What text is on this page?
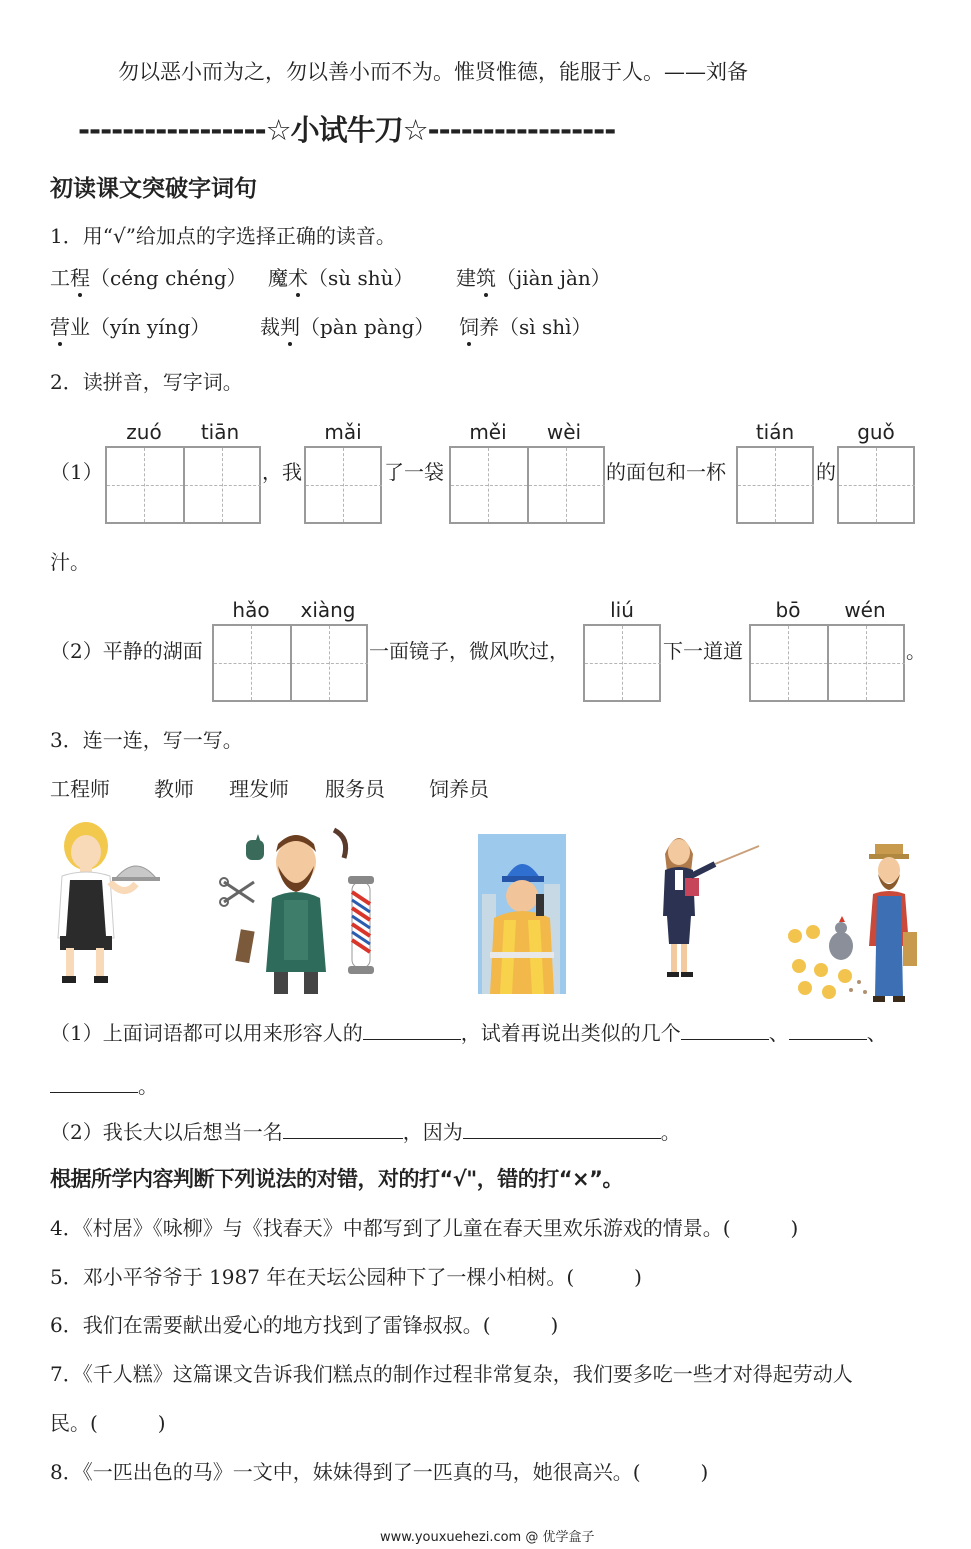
勿以恶小而为之，勿以善小而不为。惟贤惟德，能服于人。——刘备
-----------------☆小试牛刀☆-----------------
初读课文突破字词句
1．用“√”给加点的字选择正确的读音。
工程（céng chéng） 魔术（sù shù） 建筑（jiàn jàn）
营业（yín yíng） 裁判（pàn pàng） 饲养（sì shì）
2．读拼音，写字词。
zuó	tiān	mǎi	měi	wèi	tián	guǒ
（1）	，我	了一袋	的面包和一杯	的
汁。
hǎo	xiàng	liú	bō	wén
（2）平静的湖面	一面镜子，微风吹过，	下一道道	。
3．连一连，写一写。
工程师 教师 理发师 服务员 饲养员
（1）上面词语都可以用来形容人的	，试着再说出类似的几个	、	、
。
（2）我长大以后想当一名	，因为	。
根据所学内容判断下列说法的对错，对的打“√"，错的打“×”。
4．《村居》《咏柳》与《找春天》中都写到了儿童在春天里欢乐游戏的情景。(　　　)
5．邓小平爷爷于 1987 年在天坛公园种下了一棵小柏树。(　　　)
6．我们在需要献出爱心的地方找到了雷锋叔叔。(　　　)
7．《千人糕》这篇课文告诉我们糕点的制作过程非常复杂，我们要多吃一些才对得起劳动人
民。(　　　)
8．《一匹出色的马》一文中，妹妹得到了一匹真的马，她很高兴。(　　　)
www.youxuehezi.com @ 优学盒子
